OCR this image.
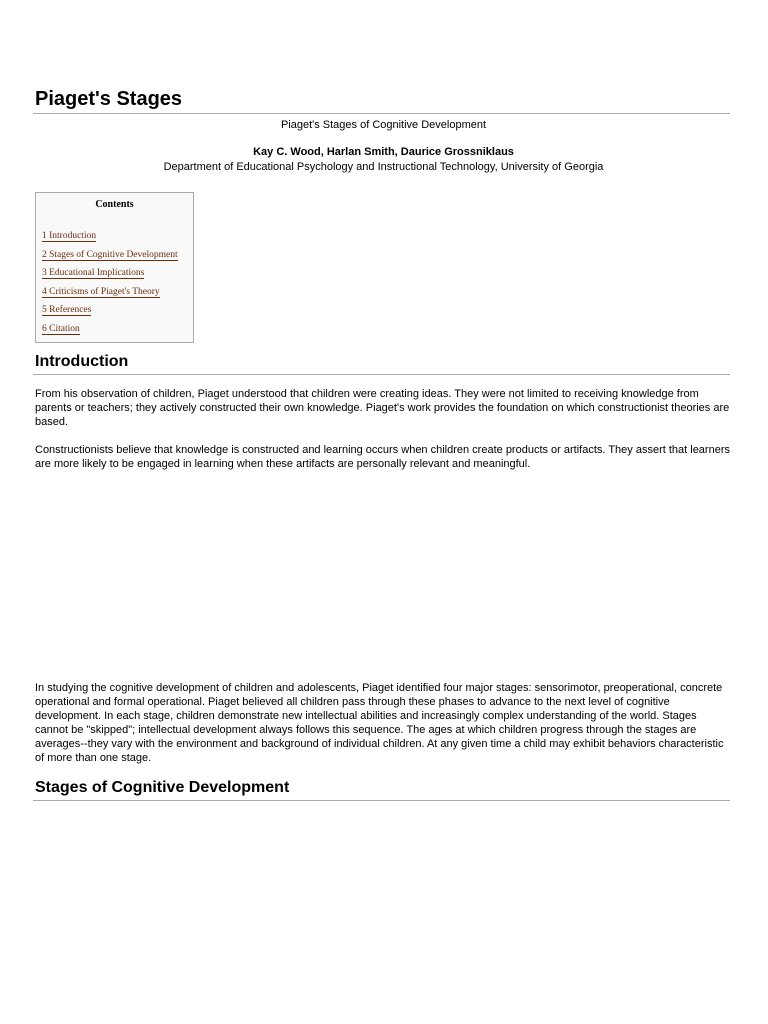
Piaget's Stages
Piaget's Stages of Cognitive Development
Kay C. Wood, Harlan Smith, Daurice Grossniklaus
Department of Educational Psychology and Instructional Technology, University of Georgia
Contents
1 Introduction
2 Stages of Cognitive Development
3 Educational Implications
4 Criticisms of Piaget's Theory
5 References
6 Citation
Introduction

From his observation of children, Piaget understood that children were creating ideas. They were not limited to receiving knowledge from parents or teachers; they actively constructed their own knowledge. Piaget's work provides the foundation on which constructionist theories are based.

Constructionists believe that knowledge is constructed and learning occurs when children create products or artifacts. They assert that learners are more likely to be engaged in learning when these artifacts are personally relevant and meaningful.

In studying the cognitive development of children and adolescents, Piaget identified four major stages: sensorimotor, preoperational, concrete operational and formal operational. Piaget believed all children pass through these phases to advance to the next level of cognitive development. In each stage, children demonstrate new intellectual abilities and increasingly complex understanding of the world. Stages cannot be "skipped"; intellectual development always follows this sequence. The ages at which children progress through the stages are averages--they vary with the environment and background of individual children. At any given time a child may exhibit behaviors characteristic of more than one stage.

Stages of Cognitive Development
